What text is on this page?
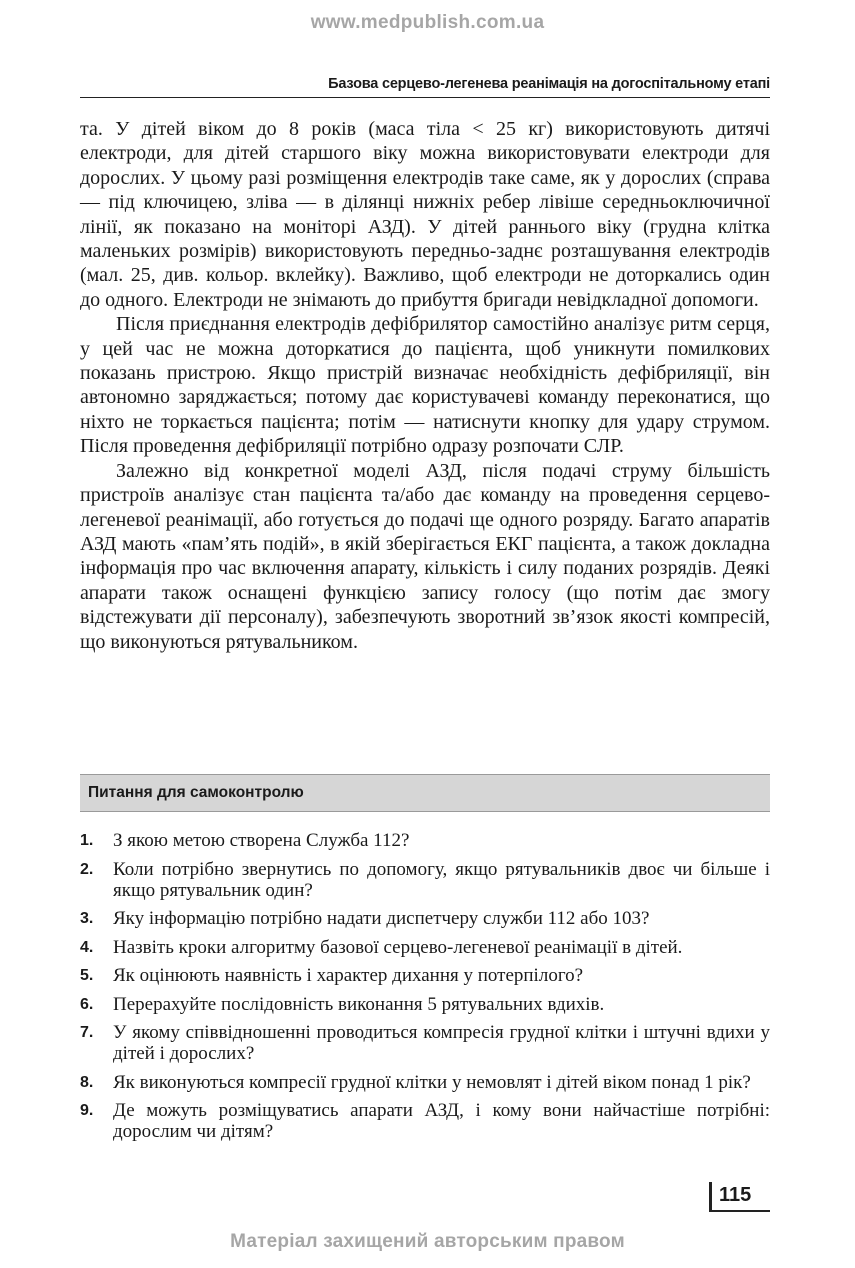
www.medpublish.com.ua
Базова серцево-легенева реанімація на догоспітальному етапі

та. У дітей віком до 8 років (маса тіла < 25 кг) використовують дитячі електроди, для дітей старшого віку можна використовувати електроди для дорослих. У цьому разі розміщення електродів таке саме, як у дорослих (справа — під ключицею, зліва — в ділянці нижніх ребер лівіше середньоключичної лінії, як показано на моніторі АЗД). У дітей раннього віку (грудна клітка маленьких розмірів) використовують передньо-заднє розташування електродів (мал. 25, див. кольор. вклейку). Важливо, щоб електроди не доторкались один до одного. Електроди не знімають до прибуття бригади невідкладної допомоги.

Після приєднання електродів дефібрилятор самостійно аналізує ритм серця, у цей час не можна доторкатися до пацієнта, щоб уникнути помилкових показань пристрою. Якщо пристрій визначає необхідність дефібриляції, він автономно заряджається; потому дає користувачеві команду переконатися, що ніхто не торкається пацієнта; потім — натиснути кнопку для удару струмом. Після проведення дефібриляції потрібно одразу розпочати СЛР.

Залежно від конкретної моделі АЗД, після подачі струму більшість пристроїв аналізує стан пацієнта та/або дає команду на проведення серцево-легеневої реанімації, або готується до подачі ще одного розряду. Багато апаратів АЗД мають «пам’ять подій», в якій зберігається ЕКГ пацієнта, а також докладна інформація про час включення апарату, кількість і силу поданих розрядів. Деякі апарати також оснащені функцією запису голосу (що потім дає змогу відстежувати дії персоналу), забезпечують зворотний зв’язок якості компресій, що виконуються рятувальником.

Питання для самоконтролю
1. З якою метою створена Служба 112?
2. Коли потрібно звернутись по допомогу, якщо рятувальників двоє чи більше і якщо рятувальник один?
3. Яку інформацію потрібно надати диспетчеру служби 112 або 103?
4. Назвіть кроки алгоритму базової серцево-легеневої реанімації в дітей.
5. Як оцінюють наявність і характер дихання у потерпілого?
6. Перерахуйте послідовність виконання 5 рятувальних вдихів.
7. У якому співвідношенні проводиться компресія грудної клітки і штучні вдихи у дітей і дорослих?
8. Як виконуються компресії грудної клітки у немовлят і дітей віком понад 1 рік?
9. Де можуть розміщуватись апарати АЗД, і кому вони найчастіше потрібні: дорослим чи дітям?
115
Матеріал захищений авторським правом
